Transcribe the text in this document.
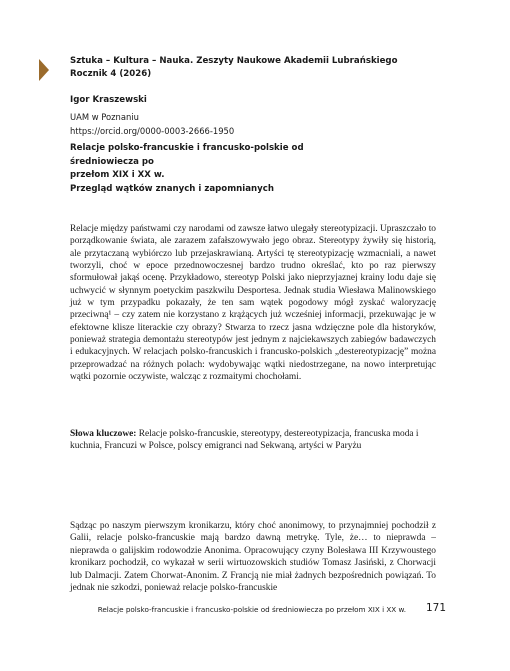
Sztuka – Kultura – Nauka. Zeszyty Naukowe Akademii Lubrańskiego
Rocznik 4 (2026)

Igor Kraszewski

UAM w Poznaniu

https://orcid.org/0000-0003-2666-1950

Relacje polsko-francuskie i francusko-polskie od średniowiecza po
przełom XIX i XX w.
Przegląd wątków znanych i zapomnianych

Relacje między państwami czy narodami od zawsze łatwo ulegały stereotypizacji. Upraszczało to porządkowanie świata, ale zarazem zafałszowywało jego obraz. Stereotypy żywiły się historią, ale przytaczaną wybiórczo lub przejaskrawianą. Artyści tę stereotypizację wzmacniali, a nawet tworzyli, choć w epoce przednowoczesnej bardzo trudno określać, kto po raz pierwszy sformułował jakąś ocenę. Przykładowo, stereotyp Polski jako nieprzyjaznej krainy lodu daje się uchwycić w słynnym poetyckim paszkwilu Desportesa. Jednak studia Wiesława Malinowskiego już w tym przypadku pokazały, że ten sam wątek pogodowy mógł zyskać waloryzację przeciwną¹ – czy zatem nie korzystano z krążących już wcześniej informacji, przekuwając je w efektowne klisze literackie czy obrazy? Stwarza to rzecz jasna wdzięczne pole dla historyków, ponieważ strategia demontażu stereotypów jest jednym z najciekawszych zabiegów badawczych i edukacyjnych. W relacjach polsko-francuskich i francusko-polskich „destereotypizację” można przeprowadzać na różnych polach: wydobywając wątki niedostrzegane, na nowo interpretując wątki pozornie oczywiste, walcząc z rozmaitymi chochołami.

Słowa kluczowe: Relacje polsko-francuskie, stereotypy, destereotypizacja, francuska moda i kuchnia, Francuzi w Polsce, polscy emigranci nad Sekwaną, artyści w Paryżu

Sądząc po naszym pierwszym kronikarzu, który choć anonimowy, to przynajmniej pochodził z Galii, relacje polsko-francuskie mają bardzo dawną metrykę. Tyle, że… to nieprawda – nieprawda o galijskim rodowodzie Anonima. Opracowujący czyny Bolesława III Krzywoustego kronikarz pochodził, co wykazał w serii wirtuozowskich studiów Tomasz Jasiński, z Chorwacji lub Dalmacji. Zatem Chorwat-Anonim. Z Francją nie miał żadnych bezpośrednich powiązań. To jednak nie szkodzi, ponieważ relacje polsko-francuskie

Relacje polsko-francuskie i francusko-polskie od średniowiecza po przełom XIX i XX w. 171
